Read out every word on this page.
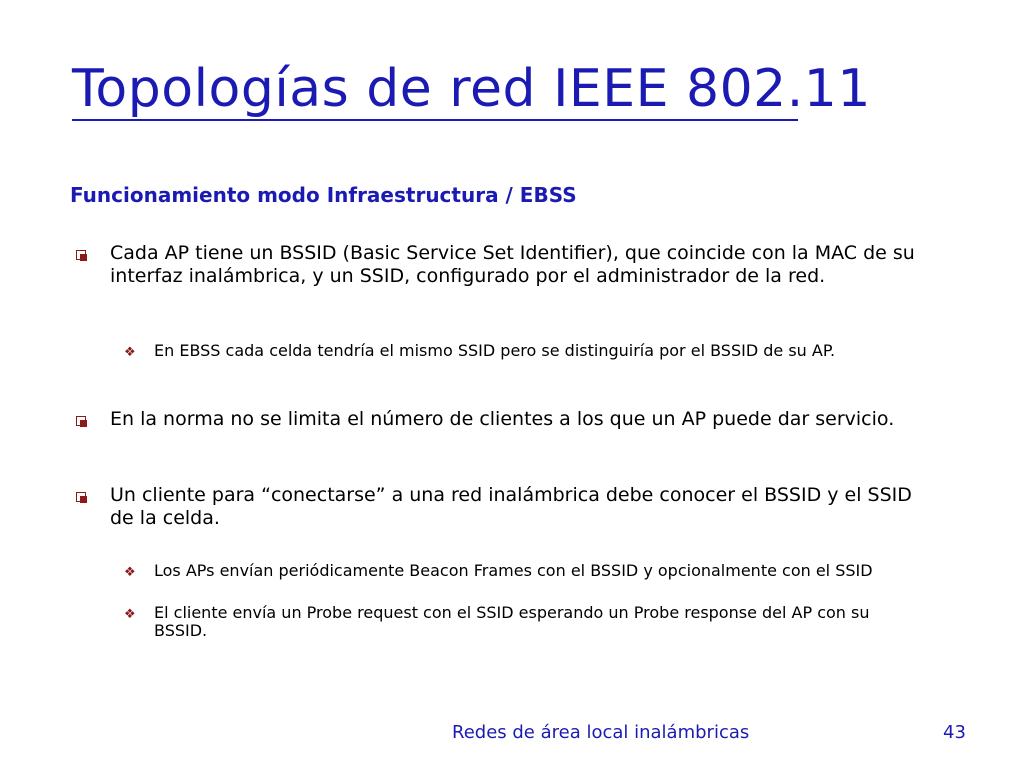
Topologías de red IEEE 802.11
Funcionamiento modo Infraestructura / EBSS
Cada AP tiene un BSSID (Basic Service Set Identifier), que coincide con la MAC de su interfaz inalámbrica, y un SSID, configurado por el administrador de la red.
❖ En EBSS cada celda tendría el mismo SSID pero se distinguiría por el BSSID de su AP.
En la norma no se limita el número de clientes a los que un AP puede dar servicio.
Un cliente para “conectarse” a una red inalámbrica debe conocer el BSSID y el SSID de la celda.
❖ Los APs envían periódicamente Beacon Frames con el BSSID y opcionalmente con el SSID
❖ El cliente envía un Probe request con el SSID esperando un Probe response del AP con su BSSID.
Redes de área local inalámbricas	43
